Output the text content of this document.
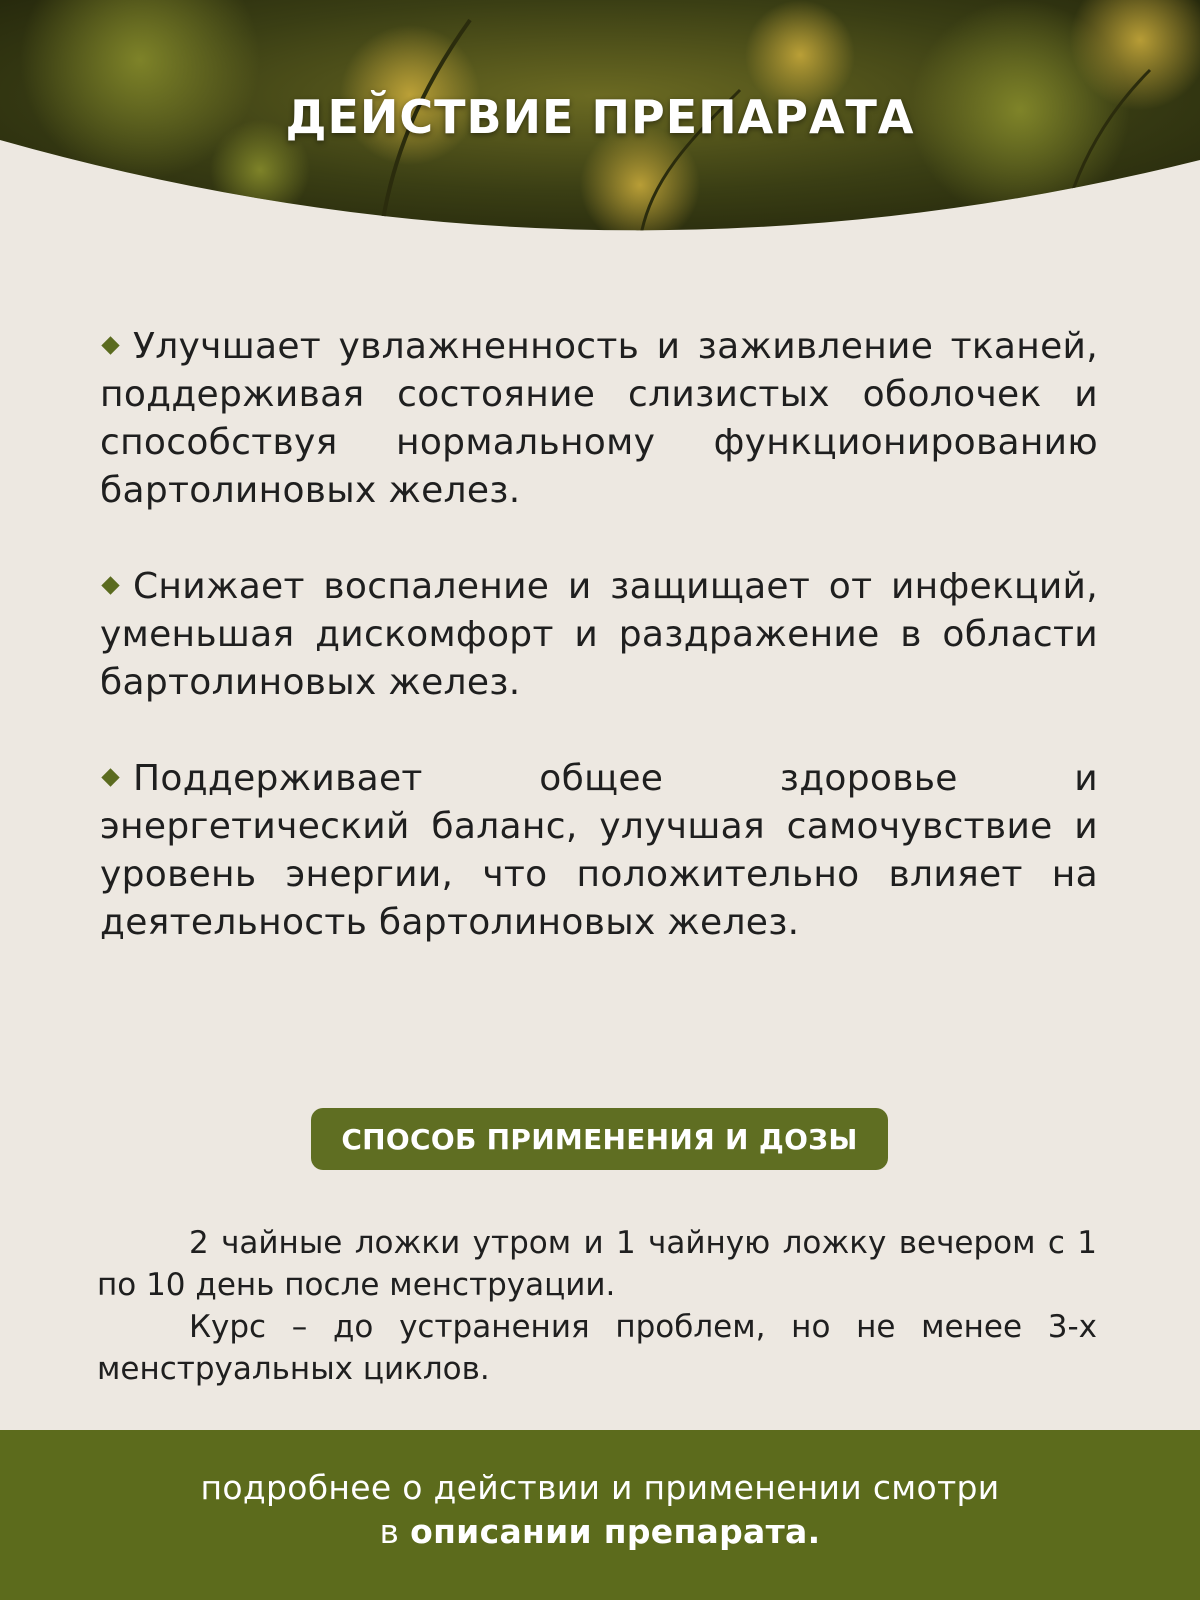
ДЕЙСТВИЕ ПРЕПАРАТА

Улучшает увлажненность и заживление тканей, поддерживая состояние слизистых оболочек и способствуя нормальному функционированию бартолиновых желез.

Снижает воспаление и защищает от инфекций, уменьшая дискомфорт и раздражение в области бартолиновых желез.

Поддерживает общее здоровье и энергетический баланс, улучшая самочувствие и уровень энергии, что положительно влияет на деятельность бартолиновых желез.

СПОСОБ ПРИМЕНЕНИЯ И ДОЗЫ

2 чайные ложки утром и 1 чайную ложку вечером с 1 по 10 день после менструации.

Курс – до устранения проблем, но не менее 3-х менструальных циклов.

подробнее о действии и применении смотри
в описании препарата.
